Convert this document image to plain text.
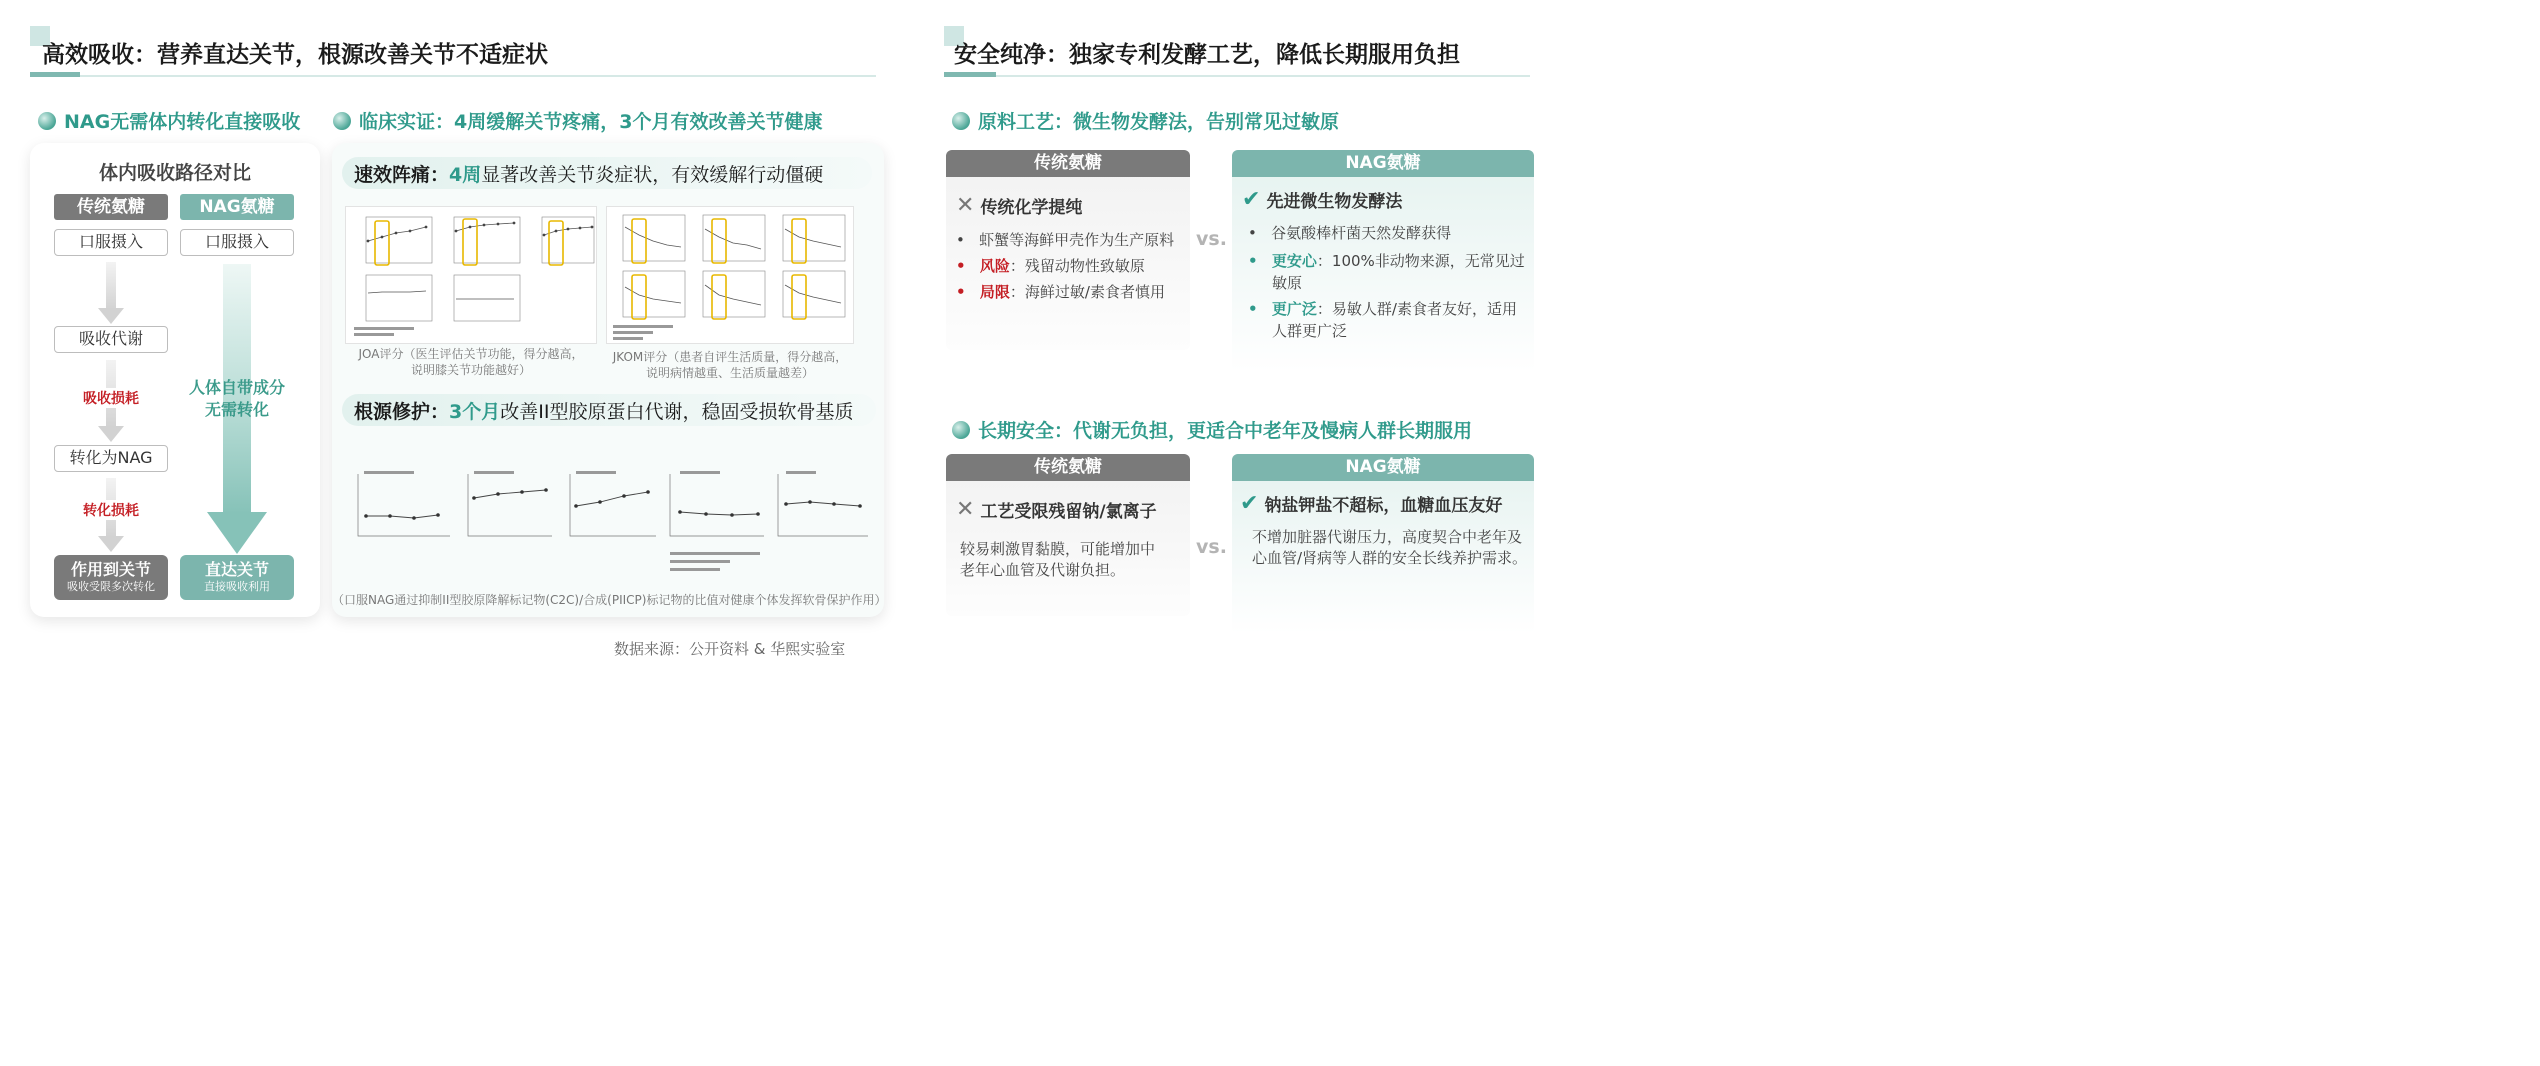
高效吸收：营养直达关节，根源改善关节不适症状
NAG无需体内转化直接吸收
体内吸收路径对比
传统氨糖	NAG氨糖
口服摄入	口服摄入
吸收代谢
吸收损耗
转化为NAG
转化损耗
作用到关节
吸收受限多次转化
人体自带成分
无需转化
直达关节
直接吸收利用
临床实证：4周缓解关节疼痛，3个月有效改善关节健康
速效阵痛： 4周 显著改善关节炎症状，有效缓解行动僵硬
JOA评分（医生评估关节功能，得分越高，
说明膝关节功能越好）
JKOM评分（患者自评生活质量，得分越高，
说明病情越重、生活质量越差）
根源修护： 3个月 改善II型胶原蛋白代谢，稳固受损软骨基质
（口服NAG通过抑制II型胶原降解标记物(C2C)/合成(PIICP)标记物的比值对健康个体发挥软骨保护作用）
数据来源：公开资料 & 华熙实验室
安全纯净：独家专利发酵工艺，降低长期服用负担
原料工艺：微生物发酵法，告别常见过敏原
传统氨糖
✕ 传统化学提纯
•   虾蟹等海鲜甲壳作为生产原料
• 风险：残留动物性致敏原
• 局限：海鲜过敏/素食者慎用
vs.
NAG氨糖
✔ 先进微生物发酵法
•   谷氨酸棒杆菌天然发酵获得
• 更安心：100%非动物来源，无常见过敏原
• 更广泛：易敏人群/素食者友好，适用人群更广泛
长期安全：代谢无负担，更适合中老年及慢病人群长期服用
传统氨糖
✕ 工艺受限残留钠/氯离子
较易刺激胃黏膜，可能增加中老年心血管及代谢负担。
vs.
NAG氨糖
✔ 钠盐钾盐不超标，血糖血压友好
不增加脏器代谢压力，高度契合中老年及心血管/肾病等人群的安全长线养护需求。
